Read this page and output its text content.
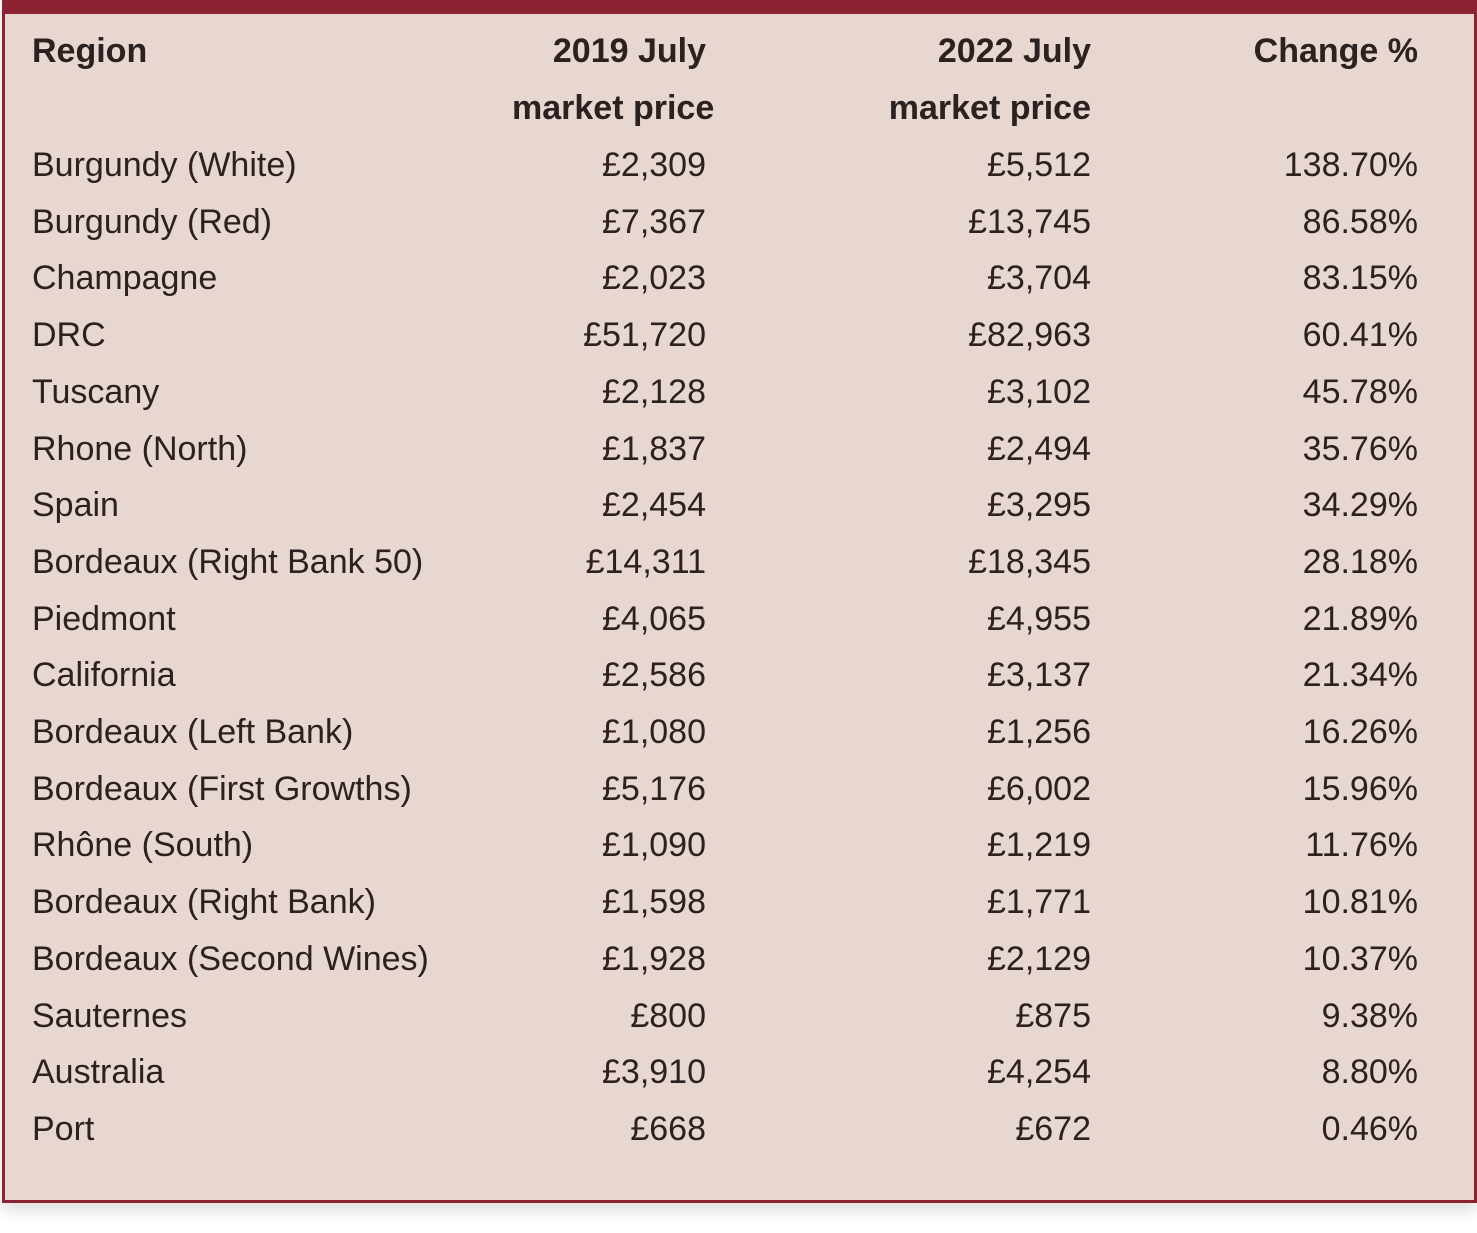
Region	2019 July	2022 July	Change %
	market price	market price	
Burgundy (White)	£2,309	£5,512	138.70%
Burgundy (Red)	£7,367	£13,745	86.58%
Champagne	£2,023	£3,704	83.15%
DRC	£51,720	£82,963	60.41%
Tuscany	£2,128	£3,102	45.78%
Rhone (North)	£1,837	£2,494	35.76%
Spain	£2,454	£3,295	34.29%
Bordeaux (Right Bank 50)	£14,311	£18,345	28.18%
Piedmont	£4,065	£4,955	21.89%
California	£2,586	£3,137	21.34%
Bordeaux (Left Bank)	£1,080	£1,256	16.26%
Bordeaux (First Growths)	£5,176	£6,002	15.96%
Rhône (South)	£1,090	£1,219	11.76%
Bordeaux (Right Bank)	£1,598	£1,771	10.81%
Bordeaux (Second Wines)	£1,928	£2,129	10.37%
Sauternes	£800	£875	9.38%
Australia	£3,910	£4,254	8.80%
Port	£668	£672	0.46%
